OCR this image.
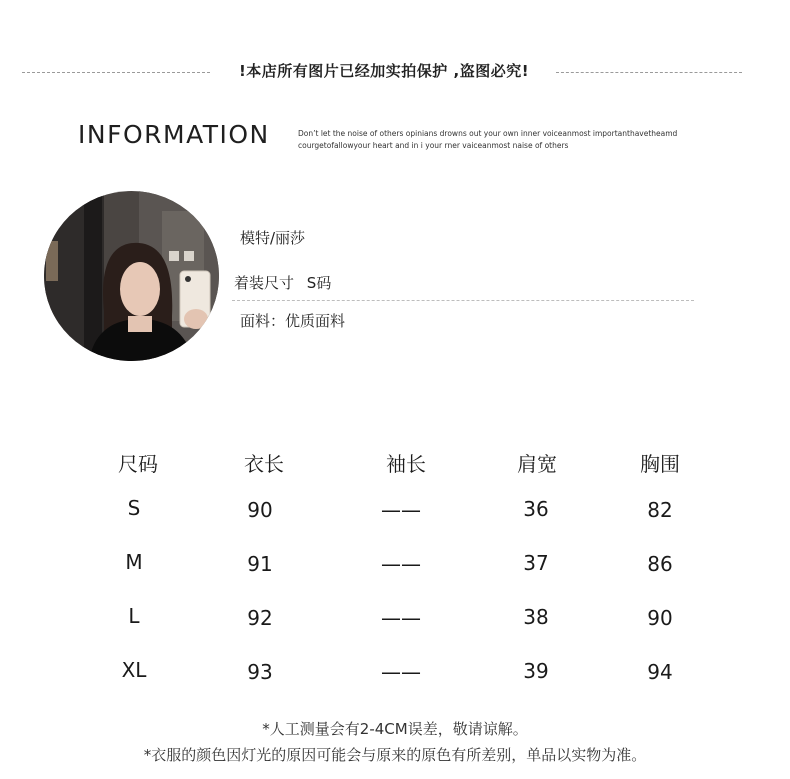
!本店所有图片已经加实拍保护 ,盗图必究!
INFORMATION	Don’t let the noise of others opinians drowns out your own inner voiceanmost importanthavetheamd
courgetofallowyour heart and in i your rner vaiceanmost naise of others
模特/丽莎
着装尺寸 S码
面料：优质面料
尺码	衣长	袖长	肩宽	胸围
S	90	——	36	82
M	91	——	37	86
L	92	——	38	90
XL	93	——	39	94
*人工测量会有2-4CM误差，敬请谅解。
*衣服的颜色因灯光的原因可能会与原来的原色有所差别，单品以实物为准。
